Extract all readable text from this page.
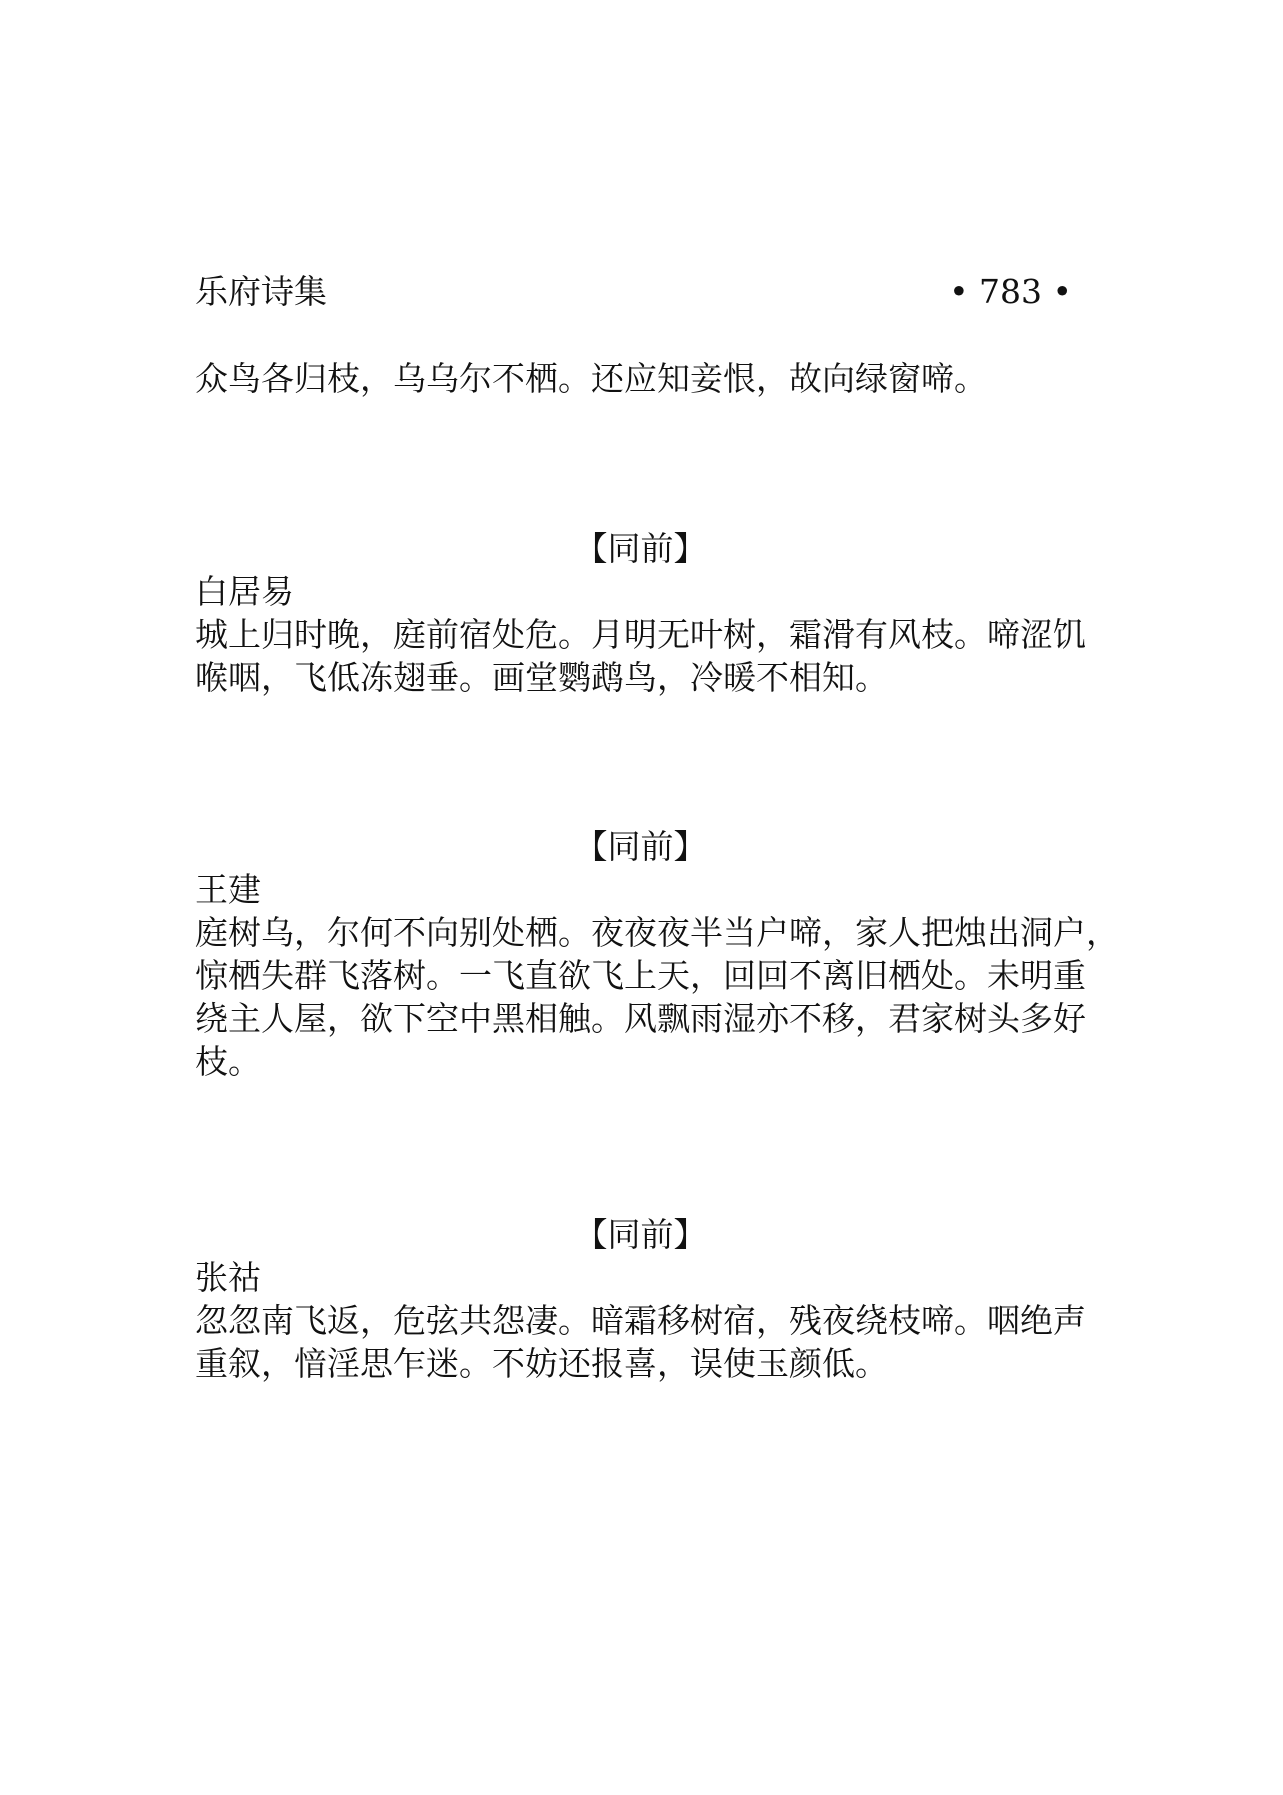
乐府诗集	• 783 •
众鸟各归枝，乌乌尔不栖。还应知妾恨，故向绿窗啼。
【同前】
白居易
城上归时晚，庭前宿处危。月明无叶树，霜滑有风枝。啼涩饥
喉咽，飞低冻翅垂。画堂鹦鹉鸟，冷暖不相知。
【同前】
王建
庭树乌，尔何不向别处栖。夜夜夜半当户啼，家人把烛出洞户，
惊栖失群飞落树。一飞直欲飞上天，回回不离旧栖处。未明重
绕主人屋，欲下空中黑相触。风飘雨湿亦不移，君家树头多好
枝。
【同前】
张祜
忽忽南飞返，危弦共怨凄。暗霜移树宿，残夜绕枝啼。咽绝声
重叙，愔淫思乍迷。不妨还报喜，误使玉颜低。
